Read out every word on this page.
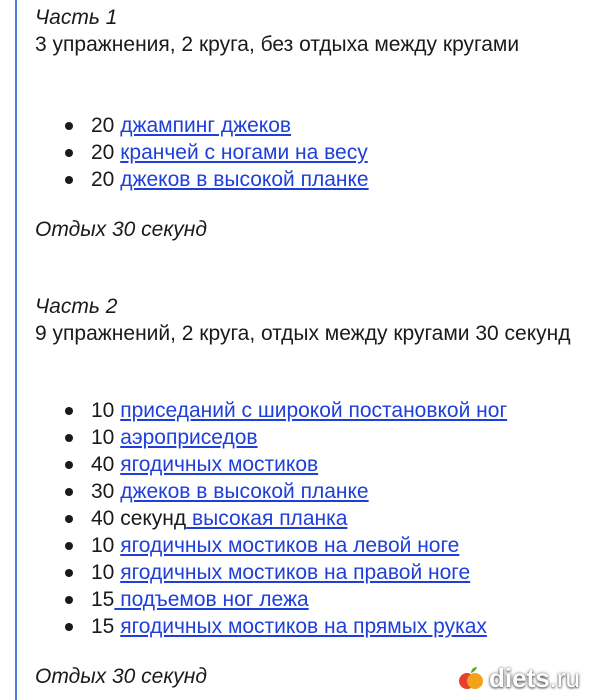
Часть 1
3 упражнения, 2 круга, без отдыха между кругами
20 джампинг джеков
20 кранчей с ногами на весу
20 джеков в высокой планке
Отдых 30 секунд
Часть 2
9 упражнений, 2 круга, отдых между кругами 30 секунд
10 приседаний с широкой постановкой ног
10 аэроприседов
40 ягодичных мостиков
30 джеков в высокой планке
40 секунд высокая планка
10 ягодичных мостиков на левой ноге
10 ягодичных мостиков на правой ноге
15 подъемов ног лежа
15 ягодичных мостиков на прямых руках
Отдых 30 секунд	diets .ru
